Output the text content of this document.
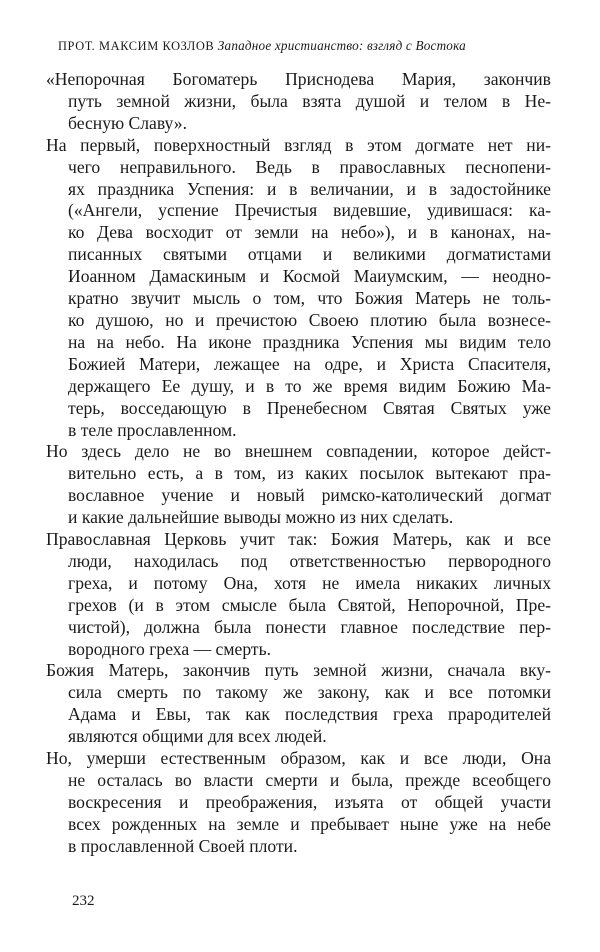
ПРОТ. МАКСИМ КОЗЛОВ Западное христианство: взгляд с Востока

«Непорочная Богоматерь Приснодева Мария, закончив
путь земной жизни, была взята душой и телом в Не-
бесную Славу».

На первый, поверхностный взгляд в этом догмате нет ни-
чего неправильного. Ведь в православных песнопени-
ях праздника Успения: и в величании, и в задостойнике
(«Ангели, успение Пречистыя видевшие, удивишася: ка-
ко Дева восходит от земли на небо»), и в канонах, на-
писанных святыми отцами и великими догматистами
Иоанном Дамаскиным и Космой Маиумским, — неодно-
кратно звучит мысль о том, что Божия Матерь не толь-
ко душою, но и пречистою Своею плотию была вознесе-
на на небо. На иконе праздника Успения мы видим тело
Божией Матери, лежащее на одре, и Христа Спасителя,
держащего Ее душу, и в то же время видим Божию Ма-
терь, восседающую в Пренебесном Святая Святых уже
в теле прославленном.

Но здесь дело не во внешнем совпадении, которое дейст-
вительно есть, а в том, из каких посылок вытекают пра-
вославное учение и новый римско-католический догмат
и какие дальнейшие выводы можно из них сделать.

Православная Церковь учит так: Божия Матерь, как и все
люди, находилась под ответственностью первородного
греха, и потому Она, хотя не имела никаких личных
грехов (и в этом смысле была Святой, Непорочной, Пре-
чистой), должна была понести главное последствие пер-
вородного греха — смерть.

Божия Матерь, закончив путь земной жизни, сначала вку-
сила смерть по такому же закону, как и все потомки
Адама и Евы, так как последствия греха прародителей
являются общими для всех людей.

Но, умерши естественным образом, как и все люди, Она
не осталась во власти смерти и была, прежде всеобщего
воскресения и преображения, изъята от общей участи
всех рожденных на земле и пребывает ныне уже на небе
в прославленной Своей плоти.

232
